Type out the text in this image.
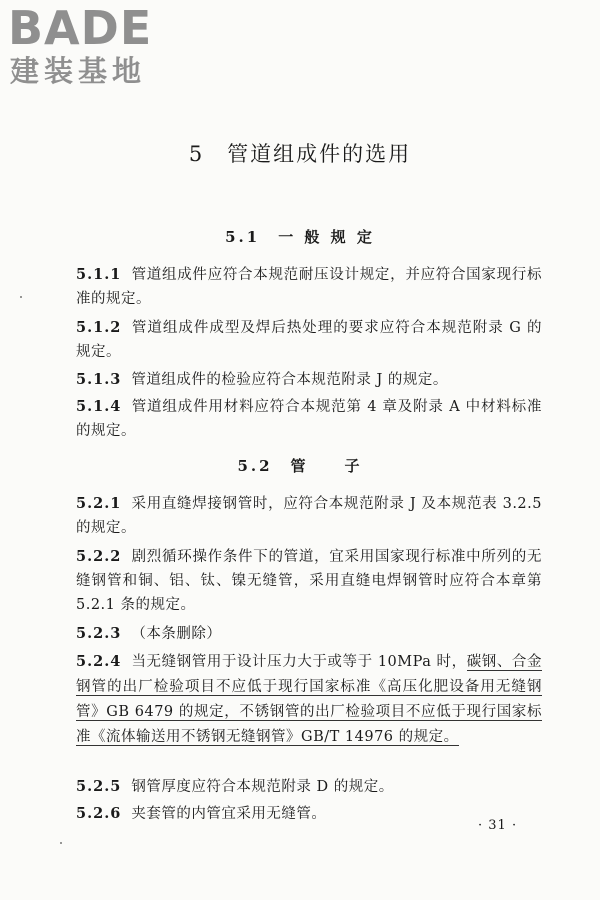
BADE
建装基地
5　管道组成件的选用
5.1　一 般 规 定
5.1.1 管道组成件应符合本规范耐压设计规定，并应符合国家现行标准的规定。
5.1.2 管道组成件成型及焊后热处理的要求应符合本规范附录 G 的规定。
5.1.3 管道组成件的检验应符合本规范附录 J 的规定。
5.1.4 管道组成件用材料应符合本规范第 4 章及附录 A 中材料标准的规定。
5.2　管　　子
5.2.1 采用直缝焊接钢管时，应符合本规范附录 J 及本规范表 3.2.5 的规定。
5.2.2 剧烈循环操作条件下的管道，宜采用国家现行标准中所列的无缝钢管和铜、铝、钛、镍无缝管，采用直缝电焊钢管时应符合本章第 5.2.1 条的规定。
5.2.3 （本条删除）
5.2.4 当无缝钢管用于设计压力大于或等于 10MPa 时，碳钢、合金钢管的出厂检验项目不应低于现行国家标准《高压化肥设备用无缝钢管》GB 6479 的规定，不锈钢管的出厂检验项目不应低于现行国家标准《流体输送用不锈钢无缝钢管》GB/T 14976 的规定。
5.2.5 钢管厚度应符合本规范附录 D 的规定。
5.2.6 夹套管的内管宜采用无缝管。
· 31 ·
